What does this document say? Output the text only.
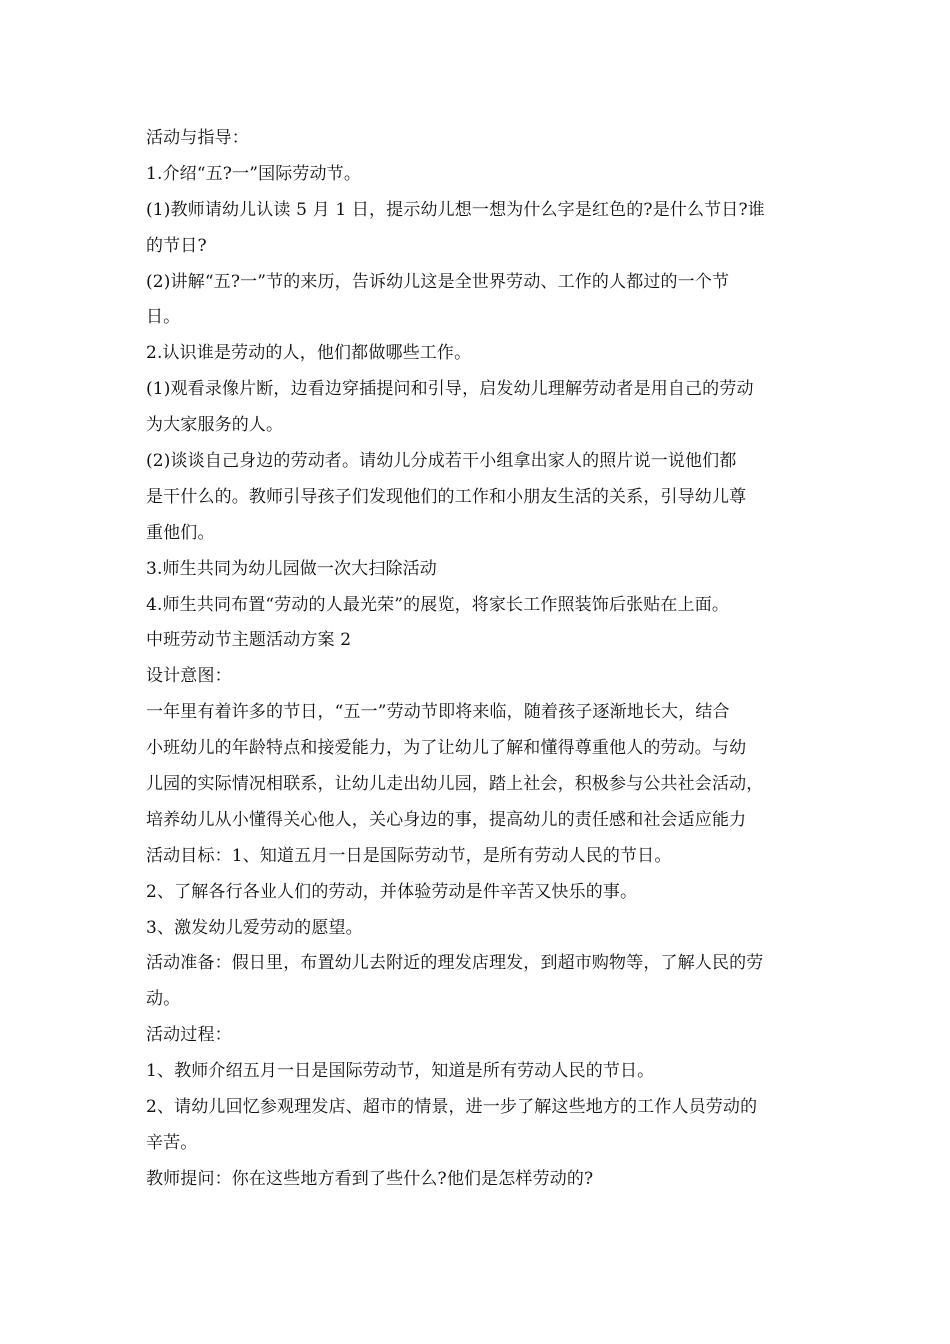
活动与指导：
1.介绍“五?一”国际劳动节。
(1)教师请幼儿认读 5 月 1 日，提示幼儿想一想为什么字是红色的?是什么节日?谁
的节日?
(2)讲解“五?一”节的来历，告诉幼儿这是全世界劳动、工作的人都过的一个节
日。
2.认识谁是劳动的人，他们都做哪些工作。
(1)观看录像片断，边看边穿插提问和引导，启发幼儿理解劳动者是用自己的劳动
为大家服务的人。
(2)谈谈自己身边的劳动者。请幼儿分成若干小组拿出家人的照片说一说他们都
是干什么的。教师引导孩子们发现他们的工作和小朋友生活的关系，引导幼儿尊
重他们。
3.师生共同为幼儿园做一次大扫除活动
4.师生共同布置“劳动的人最光荣”的展览，将家长工作照装饰后张贴在上面。
中班劳动节主题活动方案 2
设计意图：
一年里有着许多的节日，“五一”劳动节即将来临，随着孩子逐渐地长大，结合
小班幼儿的年龄特点和接爱能力，为了让幼儿了解和懂得尊重他人的劳动。与幼
儿园的实际情况相联系，让幼儿走出幼儿园，踏上社会，积极参与公共社会活动，
培养幼儿从小懂得关心他人，关心身边的事，提高幼儿的责任感和社会适应能力
活动目标：1、知道五月一日是国际劳动节，是所有劳动人民的节日。
2、了解各行各业人们的劳动，并体验劳动是件辛苦又快乐的事。
3、激发幼儿爱劳动的愿望。
活动准备：假日里，布置幼儿去附近的理发店理发，到超市购物等，了解人民的劳
动。
活动过程：
1、教师介绍五月一日是国际劳动节，知道是所有劳动人民的节日。
2、请幼儿回忆参观理发店、超市的情景，进一步了解这些地方的工作人员劳动的
辛苦。
教师提问：你在这些地方看到了些什么?他们是怎样劳动的?
